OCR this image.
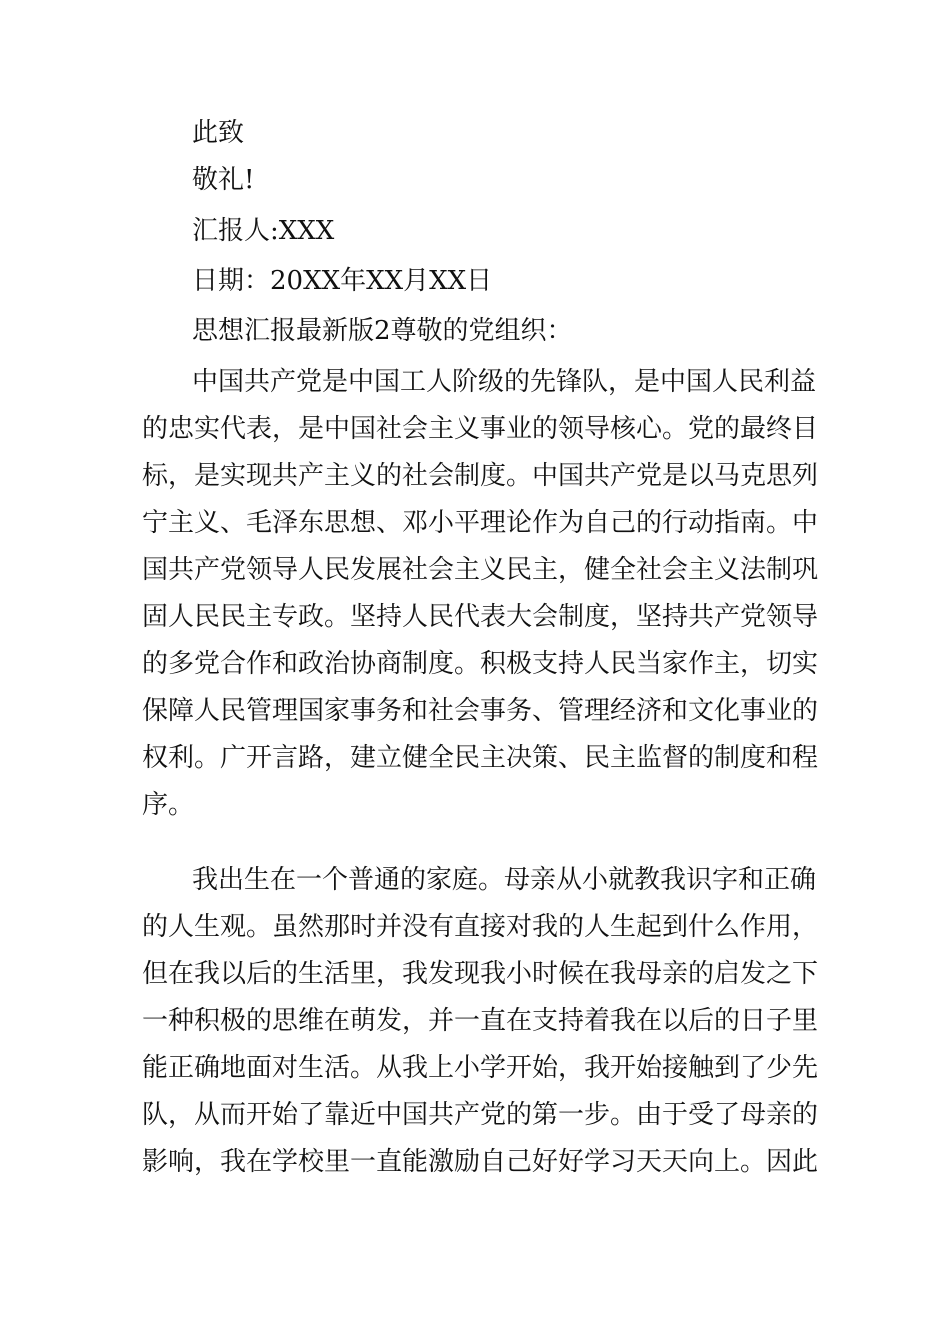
此致
敬礼!
汇报人:XXX
日期：20XX年XX月XX日
思想汇报最新版2尊敬的党组织：
中国共产党是中国工人阶级的先锋队，是中国人民利益
的忠实代表，是中国社会主义事业的领导核心。党的最终目
标，是实现共产主义的社会制度。中国共产党是以马克思列
宁主义、毛泽东思想、邓小平理论作为自己的行动指南。中
国共产党领导人民发展社会主义民主，健全社会主义法制巩
固人民民主专政。坚持人民代表大会制度，坚持共产党领导
的多党合作和政治协商制度。积极支持人民当家作主，切实
保障人民管理国家事务和社会事务、管理经济和文化事业的
权利。广开言路，建立健全民主决策、民主监督的制度和程
序。
我出生在一个普通的家庭。母亲从小就教我识字和正确
的人生观。虽然那时并没有直接对我的人生起到什么作用，
但在我以后的生活里，我发现我小时候在我母亲的启发之下
一种积极的思维在萌发，并一直在支持着我在以后的日子里
能正确地面对生活。从我上小学开始，我开始接触到了少先
队，从而开始了靠近中国共产党的第一步。由于受了母亲的
影响，我在学校里一直能激励自己好好学习天天向上。因此
